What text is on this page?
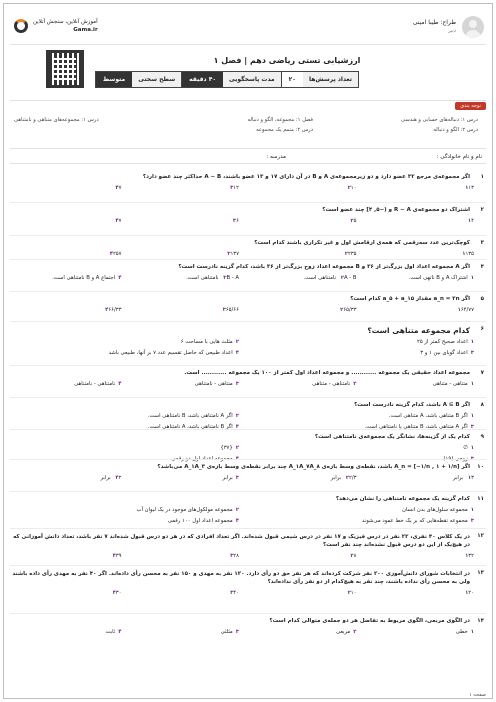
طراح: طیبا امینی
دبیر
آموزش آنلاین، سنجش آنلاین
Gama.ir
ارزشیابی تستی ریاضی دهم | فصل ۱
تعداد پرسش‌ها
۲۰
مدت پاسخگویی
۴۰ دقیقه
سطح سختی
متوسط
توجه بندی
درس ۱: دنباله‌های حسابی و هندسی
فصل ۱: مجموعه، الگو و دنباله
درس ۱: مجموعه‌های متناهی و نامتناهی
درس ۲: الگو و دنباله
درس ۲: متمم یک مجموعه
نام و نام خانوادگی :
مدرسه :
۱
اگر مجموعه‌ی مرجع ۳۲ عضو دارد و دو زیرمجموعه‌ی A و B در آن دارای ۱۷ و ۱۳ عضو باشند، A − B حداکثر چند عضو دارد؟
۱۱۳
۲۱۰
۳۱۲
۴۷
۲
اشتراک دو مجموعه‌ی R − A و (−۵, ۴] چند عضو است؟
۱۴
۲۵
۳۶
۴۷
۳
کوچک‌ترین عدد سه‌رقمی که همه‌ی ارقامش اول و غیر تکراری باشند کدام است؟
۱۱۳۵
۲۲۳۵
۳۱۳۷
۴۲۵۷
۴
اگر A مجموعه اعداد اول بزرگ‌تر از ۳۶ و B مجموعه اعداد زوج بزرگ‌تر از ۳۶ باشد، کدام گزینه نادرست است؟
۱اشتراک A و B ناتهی است.
۲A - B نامتناهی است.
۳B - A نامتناهی است.
۴اجتماع A و B نامتناهی است.
۵
اگر a_n = ۲n مقدار a_۵ + a_۱۵ کدام است؟
۱۶۴/۷۷
۲۶۵/۳۳
۳۶۵/۶۶
۴۶۶/۳۳
۶
کدام مجموعه متناهی است؟
۱اعداد صحیح کمتر از ۲۵
۲مثلث هایی با مساحت ۶
۳اعداد گویای بین ۱ و ۳
۴اعداد طبیعی که حاصل تقسیم عدد ۷ بر آنها، طبیعی باشد
۷
مجموعه اعداد حقیقی یک مجموعه ............ و مجموعه اعداد اول کمتر از ۱۰۰ یک مجموعه ............ است.
۱متناهی - متناهی
۲نامتناهی - متناهی
۳متناهی - نامتناهی
۴نامتناهی - نامتناهی
۸
اگر A ⊆ B باشد، کدام گزینه نادرست است؟
۱اگر B متناهی باشد، A متناهی است.
۲اگر A نامتناهی باشد، B نامتناهی است.
۳اگر A متناهی باشد، B متناهی یا نامتناهی است.
۴اگر B نامتناهی باشد، A نامتناهی است.
۹
کدام یک از گزینه‌ها، نشانگر یک مجموعه‌ی نامتناهی است؟
۱∅
۲{۳۷}
۳زوجی (۱۹)
۴مجموعه اعداد اول دو رقمی
۱۰
اگر A_n = [−۱/n , ۱ + ۱/n] باشد، نقطه‌ی وسط بازه‌ی A_۱A_۷A_۸ چند برابر نقطه‌ی وسط بازه‌ی A_۱A_۳ می‌باشد؟
۱۳ برابر
۲۲/۳ برابر
۳برابر
۴۲ برابر
۱۱
کدام گزینه یک مجموعه نامتناهی را نشان می‌دهد؟
۱مجموعه سلول‌های بدن انسان
۲مجموعه مولکول‌های موجود در یک لیوان آب
۳مجموعه نقطه‌هایی که بر یک خط عمود می‌شوند
۴مجموعه اعداد اول ۱۰۰ رقمی
۱۲
در یک کلاس ۴۰ نفری، ۲۲ نفر در درس فیزیک و ۱۷ نفر در درس شیمی قبول شده‌اند. اگر تعداد افرادی که در هر دو درس قبول شده‌اند ۷ نفر باشد، تعداد دانش آموزانی که در هیچ‌یک از این دو درس قبول نشده‌اند چند نفر است؟
۱۳۲
۲۸
۳۲۸
۴۳۹
۱۳
در انتخابات شورای دانش‌آموزی ۲۰۰ نفر شرکت کرده‌اند که هر نفر حق دو رأی دارد. ۱۲۰ نفر به مهدی و ۱۵۰ نفر به محسن رأی داده‌اند. اگر ۴۰ نفر به مهدی رأی داده باشند ولی به محسن رأی نداده باشند، چند نفر به هیچ‌کدام از دو نفر رأی نداده‌اند؟
۱۲۰
۲۱۰
۳۴۰
۴۳۰
۱۴
در الگوی مربعی، الگوی مربوط به تفاضل هر دو جمله‌ی متوالی کدام است؟
۱خطی
۲مربعی
۳مثلثی
۴ثابت
صفحه ۱
